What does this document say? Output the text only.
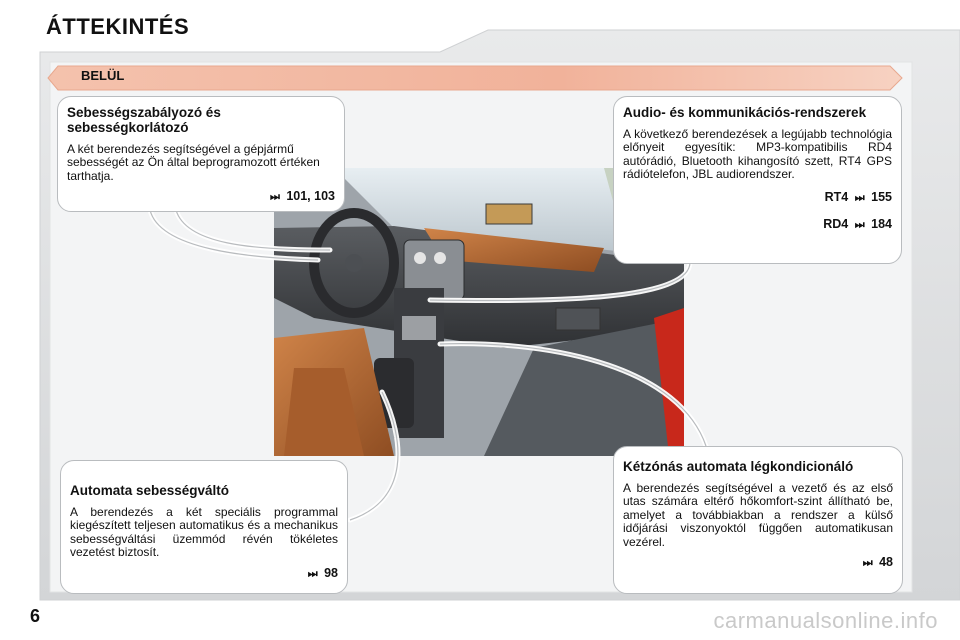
ÁTTEKINTÉS
BELÜL
Sebességszabályozó és sebességkorlátozó

A két berendezés segítségével a gépjármű sebességét az Ön által beprogramozott értéken tarthatja.

⏭ 101, 103
Audio- és kommunikációs-rendszerek

A következő berendezések a legújabb technológia előnyeit egyesítik: MP3-kompatibilis RD4 autórádió, Bluetooth kihangosító szett, RT4 GPS rádiótelefon, JBL audiorendszer.

RT4 ⏭ 155
RD4 ⏭ 184
Automata sebességváltó

A berendezés a két speciális programmal kiegészített teljesen automatikus és a mechanikus sebességváltási üzemmód révén tökéletes vezetést biztosít.

⏭ 98
Kétzónás automata légkondicionáló

A berendezés segítségével a vezető és az első utas számára eltérő hőkomfort-szint állítható be, amelyet a továbbiakban a rendszer a külső időjárási viszonyoktól függően automatikusan vezérel.

⏭ 48
6	carmanualsonline.info
